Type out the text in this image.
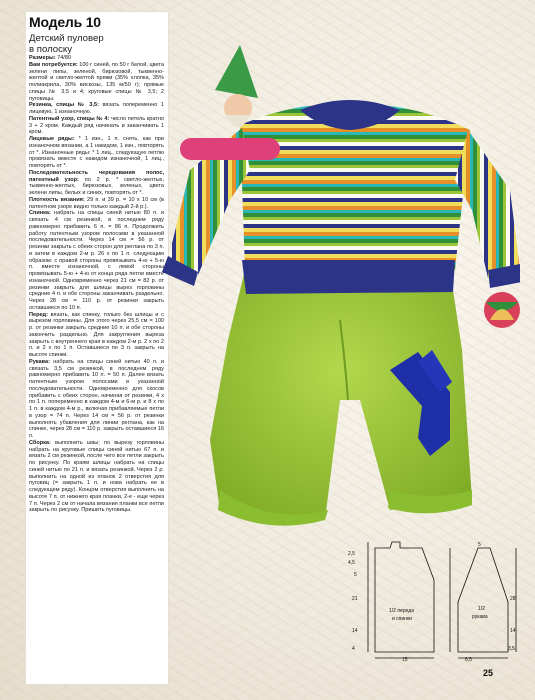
Модель 10
Детский пуловер
в полоску

Размеры: 74/80

Вам потребуется: 100 г синей, по 50 г белой, цвета зелени липы, зеленой, бирюзовой, тыквенно-желтой и светло-желтой пряжи (35% хлопка, 35% полиакрила, 30% вискозы, 135 м/50 г); прямые спицы № 3,5 и 4; круговые спицы № 3,5; 2 пуговицы.

Резинка, спицы № 3,5: вязать попеременно 1 лицевую, 1 изнаночную.

Патентный узор, спицы № 4: число петель кратно 3 + 2 кром. Каждый ряд начинать и заканчивать 1 кром.

Лицевые ряды: * 1 изн., 1 п. снять, как при изнаночном вязании, а 1 накидом, 1 изн., повторять от *. Изнаночные ряды: * 1 лиц., следующую петлю провязать вместе с накидом изнаночной, 1 лиц., повторять от *.

Последовательность чередования полос, патентный узор: по 2 р. * светло-желтых, тыквенно-желтых, бирюзовых, зеленых, цвета зелени липы, белых и синих, повторять от *.

Плотность вязания: 29 п. и 39 р. = 10 х 10 см (в патентном узоре видно только каждый 2-й р.).

Спинка: набрать на спицы синей нитью 80 п. и связать 4 см резинкой, в последнем ряду равномерно прибавить 6 п. = 86 п. Продолжить работу патентным узором полосами в указанной последовательности. Через 14 см = 56 р. от резинки закрыть с обеих сторон для реглана по 3 п. и затем в каждом 2-м р. 26 х по 1 п. следующим образом: с правой стороны провязывать 4-ю + 5-ю п. вместе изнаночной, с левой стороны провязывать 5-ю + 4-ю от конца ряда петли вместе изнаночной. Одновременно через 21 см = 82 р. от резинки закрыть для шлицы вырез горловины средние 4 п. и обе стороны заканчивать раздельно. Через 28 см = 110 р. от резинки закрыть оставшиеся по 10 п.

Перед: вязать, как спинку, только без шлицы и с вырезом горловины. Для этого через 25,5 см = 100 р. от резинки закрыть средние 10 п. и обе стороны закончить раздельно. Для закругления выреза закрыть с внутреннего края в каждом 2-м р. 2 х по 2 п. и 2 х по 1 п. Оставшиеся по 3 п. закрыть на высоте спинки.

Рукава: набрать на спицы синей нитью 40 п. и связать 3,5 см резинкой, в последнем ряду равномерно прибавить 10 п. = 50 п. Далее вязать патентным узором полосами в указанной последовательности. Одновременно для скосов прибавить с обеих сторон, начиная от резинки, 4 х по 1 п. попеременно в каждом 4-м и 6-м р. и 8 х по 1 п. в каждом 4-м р., включая прибавляемые петли в узор = 74 п. Через 14 см = 56 р. от резинки выполнять убавления для линии реглана, как на спинке, через 28 см = 110 р. закрыть оставшиеся 16 п.

Сборка: выполнить швы; по вырезу горловины набрать на круговые спицы синей нитью 67 п. и вязать 2 см резинкой, после чего все петли закрыть по рисунку. По краям шлицы набрать на спицы синей нитью по 21 п. и вязать резинкой. Через 2 р. выполнить на одной из планок 2 отверстия для пуговиц (= закрыть 1 п. и нова набрать ее в следующем ряду). Концом отверстия выполнить на высоте 7 п. от нижнего края планки, 2-е - еще через 7 п. Через 2 см от начала вязания планки все петли закрыть по рисунку. Пришить пуговицы.

2,5
4,5
5
21
14
4
15
1/2 переда
и спинки
1/2
рукава
28
14
3,5
6,5
5
25
